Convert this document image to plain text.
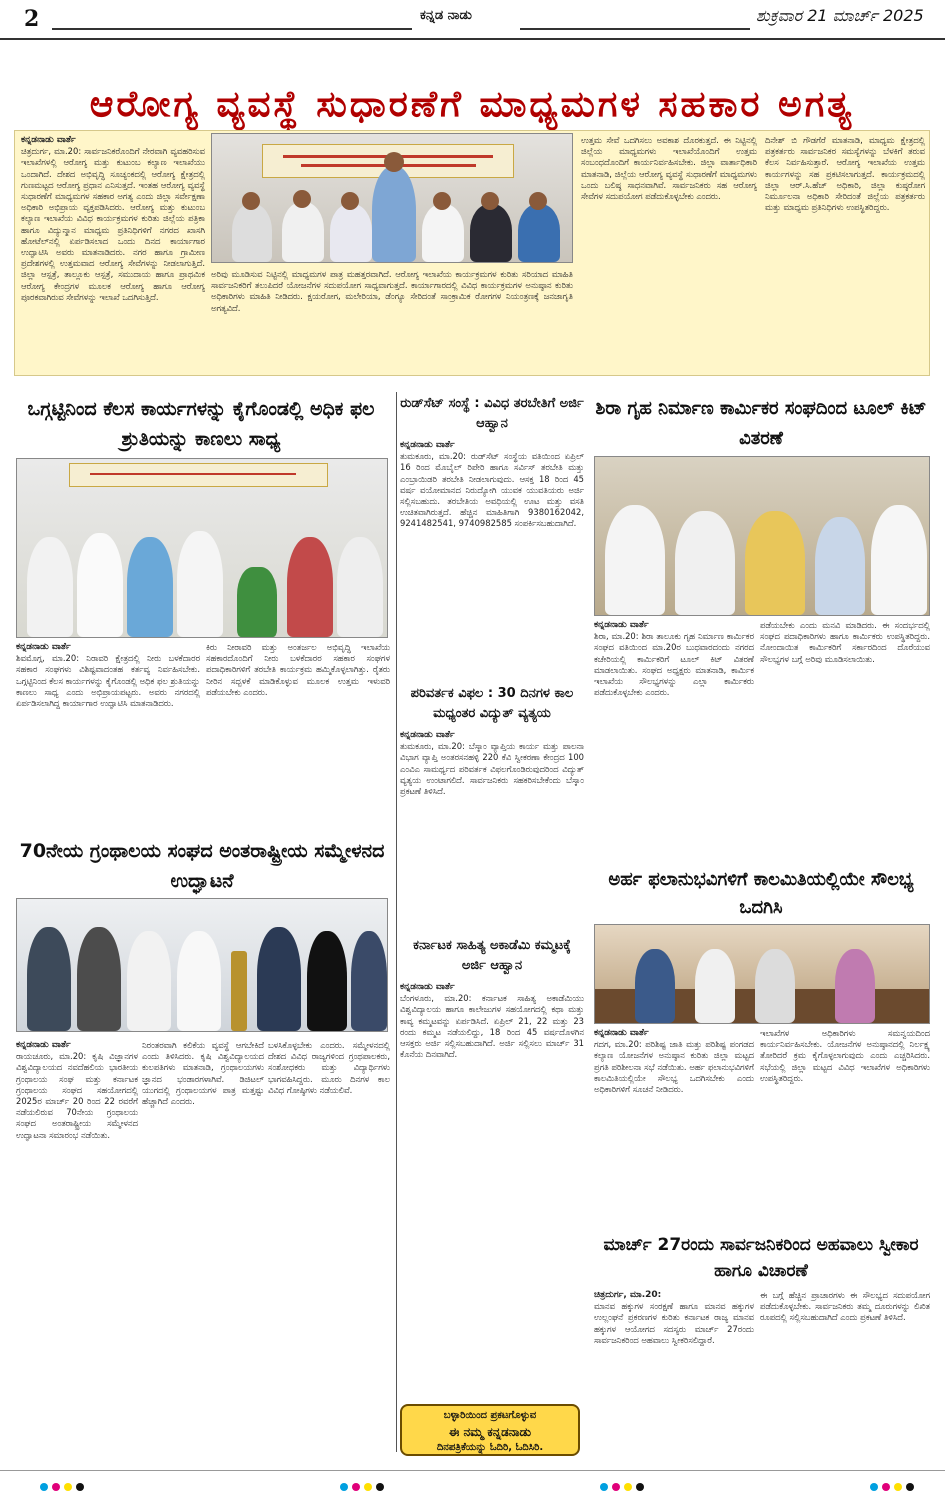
2	ಕನ್ನಡ ನಾಡು	ಶುಕ್ರವಾರ 21 ಮಾರ್ಚ್ 2025
ಆರೋಗ್ಯ ವ್ಯವಸ್ಥೆ ಸುಧಾರಣೆಗೆ ಮಾಧ್ಯಮಗಳ ಸಹಕಾರ ಅಗತ್ಯ
ಕನ್ನಡನಾಡು ವಾರ್ತೆ
ಚಿತ್ರದುರ್ಗ, ಮಾ.20: ಸಾರ್ವಜನಿಕರೊಂದಿಗೆ ನೇರವಾಗಿ ವ್ಯವಹರಿಸುವ ಇಲಾಖೆಗಳಲ್ಲಿ ಆರೋಗ್ಯ ಮತ್ತು ಕುಟುಂಬ ಕಲ್ಯಾಣ ಇಲಾಖೆಯು ಒಂದಾಗಿದೆ. ದೇಶದ ಅಭಿವೃದ್ಧಿ ಸೂಚ್ಯಂಕದಲ್ಲಿ ಆರೋಗ್ಯ ಕ್ಷೇತ್ರದಲ್ಲಿ ಗುಣಮಟ್ಟದ ಆರೋಗ್ಯ ಪ್ರಧಾನ ಎನಿಸುತ್ತದೆ. ಇಂತಹ ಆರೋಗ್ಯ ವ್ಯವಸ್ಥೆ ಸುಧಾರಣೆಗೆ ಮಾಧ್ಯಮಗಳ ಸಹಕಾರ ಅಗತ್ಯ ಎಂದು ಜಿಲ್ಲಾ ಸರ್ವೇಕ್ಷಣಾ ಅಧಿಕಾರಿ ಅಭಿಪ್ರಾಯ ವ್ಯಕ್ತಪಡಿಸಿದರು. ಆರೋಗ್ಯ ಮತ್ತು ಕುಟುಂಬ ಕಲ್ಯಾಣ ಇಲಾಖೆಯ ವಿವಿಧ ಕಾರ್ಯಕ್ರಮಗಳ ಕುರಿತು ಜಿಲ್ಲೆಯ ಪತ್ರಿಕಾ ಹಾಗೂ ವಿದ್ಯುನ್ಮಾನ ಮಾಧ್ಯಮ ಪ್ರತಿನಿಧಿಗಳಿಗೆ ನಗರದ ಖಾಸಗಿ ಹೋಟೆಲ್‌ನಲ್ಲಿ ಏರ್ಪಡಿಸಲಾದ ಒಂದು ದಿನದ ಕಾರ್ಯಾಗಾರ ಉದ್ಘಾಟಿಸಿ ಅವರು ಮಾತನಾಡಿದರು. ನಗರ ಹಾಗೂ ಗ್ರಾಮೀಣ ಪ್ರದೇಶಗಳಲ್ಲಿ ಉತ್ತಮವಾದ ಆರೋಗ್ಯ ಸೇವೆಗಳನ್ನು ನೀಡಲಾಗುತ್ತಿದೆ. ಜಿಲ್ಲಾ ಆಸ್ಪತ್ರೆ, ತಾಲ್ಲೂಕು ಆಸ್ಪತ್ರೆ, ಸಮುದಾಯ ಹಾಗೂ ಪ್ರಾಥಮಿಕ ಆರೋಗ್ಯ ಕೇಂದ್ರಗಳ ಮೂಲಕ ಆರೋಗ್ಯ ಹಾಗೂ ಆರೋಗ್ಯ ಪೂರಕವಾಗಿರುವ ಸೇವೆಗಳನ್ನು ಇಲಾಖೆ ಒದಗಿಸುತ್ತಿದೆ.
ಅರಿವು ಮೂಡಿಸುವ ನಿಟ್ಟಿನಲ್ಲಿ ಮಾಧ್ಯಮಗಳ ಪಾತ್ರ ಮಹತ್ತರವಾಗಿದೆ. ಆರೋಗ್ಯ ಇಲಾಖೆಯ ಕಾರ್ಯಕ್ರಮಗಳ ಕುರಿತು ಸರಿಯಾದ ಮಾಹಿತಿ ಸಾರ್ವಜನಿಕರಿಗೆ ತಲುಪಿದರೆ ಯೋಜನೆಗಳ ಸದುಪಯೋಗ ಸಾಧ್ಯವಾಗುತ್ತದೆ. ಕಾರ್ಯಾಗಾರದಲ್ಲಿ ವಿವಿಧ ಕಾರ್ಯಕ್ರಮಗಳ ಅನುಷ್ಠಾನ ಕುರಿತು ಅಧಿಕಾರಿಗಳು ಮಾಹಿತಿ ನೀಡಿದರು. ಕ್ಷಯರೋಗ, ಮಲೇರಿಯಾ, ಡೆಂಗ್ಯೂ ಸೇರಿದಂತೆ ಸಾಂಕ್ರಾಮಿಕ ರೋಗಗಳ ನಿಯಂತ್ರಣಕ್ಕೆ ಜನಜಾಗೃತಿ ಅಗತ್ಯವಿದೆ.
ಉತ್ತಮ ಸೇವೆ ಒದಗಿಸಲು ಅವಕಾಶ ದೊರಕುತ್ತದೆ. ಈ ನಿಟ್ಟಿನಲ್ಲಿ ಜಿಲ್ಲೆಯ ಮಾಧ್ಯಮಗಳು ಇಲಾಖೆಯೊಂದಿಗೆ ಉತ್ತಮ ಸಂಬಂಧದೊಂದಿಗೆ ಕಾರ್ಯನಿರ್ವಹಿಸಬೇಕು. ಜಿಲ್ಲಾ ವಾರ್ತಾಧಿಕಾರಿ ಮಾತನಾಡಿ, ಜಿಲ್ಲೆಯ ಆರೋಗ್ಯ ವ್ಯವಸ್ಥೆ ಸುಧಾರಣೆಗೆ ಮಾಧ್ಯಮಗಳು ಒಂದು ಬಲಿಷ್ಠ ಸಾಧನವಾಗಿವೆ. ಸಾರ್ವಜನಿಕರು ಸಹ ಆರೋಗ್ಯ ಸೇವೆಗಳ ಸದುಪಯೋಗ ಪಡೆದುಕೊಳ್ಳಬೇಕು ಎಂದರು.
ದಿನೇಶ್ ಬಿ ಗೌಡಗೆರೆ ಮಾತನಾಡಿ, ಮಾಧ್ಯಮ ಕ್ಷೇತ್ರದಲ್ಲಿ ಪತ್ರಕರ್ತರು ಸಾರ್ವಜನಿಕರ ಸಮಸ್ಯೆಗಳನ್ನು ಬೆಳಕಿಗೆ ತರುವ ಕೆಲಸ ನಿರ್ವಹಿಸುತ್ತಾರೆ. ಆರೋಗ್ಯ ಇಲಾಖೆಯ ಉತ್ತಮ ಕಾರ್ಯಗಳನ್ನು ಸಹ ಪ್ರಕಟಿಸಲಾಗುತ್ತದೆ. ಕಾರ್ಯಕ್ರಮದಲ್ಲಿ ಜಿಲ್ಲಾ ಆರ್.ಸಿ.ಹೆಚ್ ಅಧಿಕಾರಿ, ಜಿಲ್ಲಾ ಕುಷ್ಠರೋಗ ನಿರ್ಮೂಲನಾ ಅಧಿಕಾರಿ ಸೇರಿದಂತೆ ಜಿಲ್ಲೆಯ ಪತ್ರಕರ್ತರು ಮತ್ತು ಮಾಧ್ಯಮ ಪ್ರತಿನಿಧಿಗಳು ಉಪಸ್ಥಿತರಿದ್ದರು.
ಒಗ್ಗಟ್ಟಿನಿಂದ ಕೆಲಸ ಕಾರ್ಯಗಳನ್ನು ಕೈಗೊಂಡಲ್ಲಿ ಅಧಿಕ ಫಲ ಶ್ರುತಿಯನ್ನು ಕಾಣಲು ಸಾಧ್ಯ
ಕನ್ನಡನಾಡು ವಾರ್ತೆ
ಶಿವಮೊಗ್ಗ, ಮಾ.20: ನಿರಾವರಿ ಕ್ಷೇತ್ರದಲ್ಲಿ ನೀರು ಬಳಕೆದಾರರ ಸಹಕಾರ ಸಂಘಗಳು ವಿಶಿಷ್ಟವಾದಂತಹ ಕರ್ತವ್ಯ ನಿರ್ವಹಿಸಬೇಕು. ಒಗ್ಗಟ್ಟಿನಿಂದ ಕೆಲಸ ಕಾರ್ಯಗಳನ್ನು ಕೈಗೊಂಡಲ್ಲಿ ಅಧಿಕ ಫಲ ಶ್ರುತಿಯನ್ನು ಕಾಣಲು ಸಾಧ್ಯ ಎಂದು ಅಭಿಪ್ರಾಯಪಟ್ಟರು. ಅವರು ನಗರದಲ್ಲಿ ಏರ್ಪಡಿಸಲಾಗಿದ್ದ ಕಾರ್ಯಾಗಾರ ಉದ್ಘಾಟಿಸಿ ಮಾತನಾಡಿದರು.
ಕಿರು ನೀರಾವರಿ ಮತ್ತು ಅಂತರ್ಜಲ ಅಭಿವೃದ್ಧಿ ಇಲಾಖೆಯ ಸಹಕಾರದೊಂದಿಗೆ ನೀರು ಬಳಕೆದಾರರ ಸಹಕಾರ ಸಂಘಗಳ ಪದಾಧಿಕಾರಿಗಳಿಗೆ ತರಬೇತಿ ಕಾರ್ಯಕ್ರಮ ಹಮ್ಮಿಕೊಳ್ಳಲಾಗಿತ್ತು. ರೈತರು ನೀರಿನ ಸದ್ಬಳಕೆ ಮಾಡಿಕೊಳ್ಳುವ ಮೂಲಕ ಉತ್ತಮ ಇಳುವರಿ ಪಡೆಯಬೇಕು ಎಂದರು.
ರುಡ್‌ಸೆಟ್ ಸಂಸ್ಥೆ : ವಿವಿಧ ತರಬೇತಿಗೆ ಅರ್ಜಿ ಆಹ್ವಾನ
ಕನ್ನಡನಾಡು ವಾರ್ತೆ
ತುಮಕೂರು, ಮಾ.20: ರುಡ್‌ಸೆಟ್ ಸಂಸ್ಥೆಯ ವತಿಯಿಂದ ಏಪ್ರಿಲ್ 16 ರಿಂದ ಮೊಬೈಲ್ ರಿಪೇರಿ ಹಾಗೂ ಸರ್ವಿಸ್ ತರಬೇತಿ ಮತ್ತು ಎಂಬ್ರಾಯಿಡರಿ ತರಬೇತಿ ನೀಡಲಾಗುವುದು. ಆಸಕ್ತ 18 ರಿಂದ 45 ವರ್ಷ ವಯೋಮಾನದ ನಿರುದ್ಯೋಗಿ ಯುವಕ ಯುವತಿಯರು ಅರ್ಜಿ ಸಲ್ಲಿಸಬಹುದು. ತರಬೇತಿಯ ಅವಧಿಯಲ್ಲಿ ಊಟ ಮತ್ತು ವಸತಿ ಉಚಿತವಾಗಿರುತ್ತದೆ. ಹೆಚ್ಚಿನ ಮಾಹಿತಿಗಾಗಿ 9380162042, 9241482541, 9740982585 ಸಂಪರ್ಕಿಸಬಹುದಾಗಿದೆ.
ಪರಿವರ್ತಕ ವಿಫಲ : 30 ದಿನಗಳ ಕಾಲ ಮಧ್ಯಂತರ ವಿದ್ಯುತ್ ವ್ಯತ್ಯಯ
ಕನ್ನಡನಾಡು ವಾರ್ತೆ
ತುಮಕೂರು, ಮಾ.20: ಬೆಸ್ಕಾಂ ವ್ಯಾಪ್ತಿಯ ಕಾರ್ಯ ಮತ್ತು ಪಾಲನಾ ವಿಭಾಗ ವ್ಯಾಪ್ತಿ ಅಂತರಸನಹಳ್ಳಿ 220 ಕೆವಿ ಸ್ವೀಕರಣಾ ಕೇಂದ್ರದ 100 ಎಂವಿಎ ಸಾಮರ್ಥ್ಯದ ಪರಿವರ್ತಕ ವಿಫಲಗೊಂಡಿರುವುದರಿಂದ ವಿದ್ಯುತ್ ವ್ಯತ್ಯಯ ಉಂಟಾಗಲಿದೆ. ಸಾರ್ವಜನಿಕರು ಸಹಕರಿಸಬೇಕೆಂದು ಬೆಸ್ಕಾಂ ಪ್ರಕಟಣೆ ತಿಳಿಸಿದೆ.
ಶಿರಾ ಗೃಹ ನಿರ್ಮಾಣ ಕಾರ್ಮಿಕರ ಸಂಘದಿಂದ ಟೂಲ್ ಕಿಟ್ ವಿತರಣೆ
ಕನ್ನಡನಾಡು ವಾರ್ತೆ
ಶಿರಾ, ಮಾ.20: ಶಿರಾ ತಾಲೂಕು ಗೃಹ ನಿರ್ಮಾಣ ಕಾರ್ಮಿಕರ ಸಂಘದ ವತಿಯಿಂದ ಮಾ.20ರ ಬುಧವಾರದಂದು ನಗರದ ಕಚೇರಿಯಲ್ಲಿ ಕಾರ್ಮಿಕರಿಗೆ ಟೂಲ್ ಕಿಟ್ ವಿತರಣೆ ಮಾಡಲಾಯಿತು. ಸಂಘದ ಅಧ್ಯಕ್ಷರು ಮಾತನಾಡಿ, ಕಾರ್ಮಿಕ ಇಲಾಖೆಯ ಸೌಲಭ್ಯಗಳನ್ನು ಎಲ್ಲಾ ಕಾರ್ಮಿಕರು ಪಡೆದುಕೊಳ್ಳಬೇಕು ಎಂದರು.
ಪಡೆಯಬೇಕು ಎಂದು ಮನವಿ ಮಾಡಿದರು. ಈ ಸಂದರ್ಭದಲ್ಲಿ ಸಂಘದ ಪದಾಧಿಕಾರಿಗಳು ಹಾಗೂ ಕಾರ್ಮಿಕರು ಉಪಸ್ಥಿತರಿದ್ದರು. ನೋಂದಾಯಿತ ಕಾರ್ಮಿಕರಿಗೆ ಸರ್ಕಾರದಿಂದ ದೊರೆಯುವ ಸೌಲಭ್ಯಗಳ ಬಗ್ಗೆ ಅರಿವು ಮೂಡಿಸಲಾಯಿತು.
70ನೇಯ ಗ್ರಂಥಾಲಯ ಸಂಘದ ಅಂತರಾಷ್ಟ್ರೀಯ ಸಮ್ಮೇಳನದ ಉದ್ಘಾಟನೆ
ಕನ್ನಡನಾಡು ವಾರ್ತೆ
ರಾಯಚೂರು, ಮಾ.20: ಕೃಷಿ ವಿಜ್ಞಾನಗಳ ವಿಶ್ವವಿದ್ಯಾಲಯದ ನವದೆಹಲಿಯ ಭಾರತೀಯ ಗ್ರಂಥಾಲಯ ಸಂಘ ಮತ್ತು ಕರ್ನಾಟಕ ಗ್ರಂಥಾಲಯ ಸಂಘದ ಸಹಯೋಗದಲ್ಲಿ 2025ರ ಮಾರ್ಚ್ 20 ರಿಂದ 22 ರವರೆಗೆ ನಡೆಯಲಿರುವ 70ನೇಯ ಗ್ರಂಥಾಲಯ ಸಂಘದ ಅಂತರಾಷ್ಟ್ರೀಯ ಸಮ್ಮೇಳನದ ಉದ್ಘಾಟನಾ ಸಮಾರಂಭ ನಡೆಯಿತು.
ನಿರಂತರವಾಗಿ ಕಲಿಕೆಯ ವ್ಯವಸ್ಥೆ ಆಗಬೇಕಿದೆ ಎಂದು ತಿಳಿಸಿದರು. ಕೃಷಿ ವಿಶ್ವವಿದ್ಯಾಲಯದ ಕುಲಪತಿಗಳು ಮಾತನಾಡಿ, ಗ್ರಂಥಾಲಯಗಳು ಜ್ಞಾನದ ಭಂಡಾರಗಳಾಗಿವೆ. ಡಿಜಿಟಲ್ ಯುಗದಲ್ಲಿ ಗ್ರಂಥಾಲಯಗಳ ಪಾತ್ರ ಮತ್ತಷ್ಟು ಹೆಚ್ಚಾಗಿದೆ ಎಂದರು.
ಬಳಸಿಕೊಳ್ಳಬೇಕು ಎಂದರು. ಸಮ್ಮೇಳನದಲ್ಲಿ ದೇಶದ ವಿವಿಧ ರಾಜ್ಯಗಳಿಂದ ಗ್ರಂಥಪಾಲಕರು, ಸಂಶೋಧಕರು ಮತ್ತು ವಿದ್ಯಾರ್ಥಿಗಳು ಭಾಗವಹಿಸಿದ್ದರು. ಮೂರು ದಿನಗಳ ಕಾಲ ವಿವಿಧ ಗೋಷ್ಠಿಗಳು ನಡೆಯಲಿವೆ.
ಕರ್ನಾಟಕ ಸಾಹಿತ್ಯ ಅಕಾಡೆಮಿ ಕಮ್ಮಟಕ್ಕೆ ಅರ್ಜಿ ಆಹ್ವಾನ
ಕನ್ನಡನಾಡು ವಾರ್ತೆ
ಬೆಂಗಳೂರು, ಮಾ.20: ಕರ್ನಾಟಕ ಸಾಹಿತ್ಯ ಅಕಾಡೆಮಿಯು ವಿಶ್ವವಿದ್ಯಾಲಯ ಹಾಗೂ ಕಾಲೇಜುಗಳ ಸಹಯೋಗದಲ್ಲಿ ಕಥಾ ಮತ್ತು ಕಾವ್ಯ ಕಮ್ಮಟವನ್ನು ಏರ್ಪಡಿಸಿದೆ. ಏಪ್ರಿಲ್ 21, 22 ಮತ್ತು 23 ರಂದು ಕಮ್ಮಟ ನಡೆಯಲಿದ್ದು, 18 ರಿಂದ 45 ವರ್ಷದೊಳಗಿನ ಆಸಕ್ತರು ಅರ್ಜಿ ಸಲ್ಲಿಸಬಹುದಾಗಿದೆ. ಅರ್ಜಿ ಸಲ್ಲಿಸಲು ಮಾರ್ಚ್ 31 ಕೊನೆಯ ದಿನವಾಗಿದೆ.
ಅರ್ಹ ಫಲಾನುಭವಿಗಳಿಗೆ ಕಾಲಮಿತಿಯಲ್ಲಿಯೇ ಸೌಲಭ್ಯ ಒದಗಿಸಿ
ಕನ್ನಡನಾಡು ವಾರ್ತೆ
ಗದಗ, ಮಾ.20: ಪರಿಶಿಷ್ಟ ಜಾತಿ ಮತ್ತು ಪರಿಶಿಷ್ಟ ಪಂಗಡದ ಕಲ್ಯಾಣ ಯೋಜನೆಗಳ ಅನುಷ್ಠಾನ ಕುರಿತು ಜಿಲ್ಲಾ ಮಟ್ಟದ ಪ್ರಗತಿ ಪರಿಶೀಲನಾ ಸಭೆ ನಡೆಯಿತು. ಅರ್ಹ ಫಲಾನುಭವಿಗಳಿಗೆ ಕಾಲಮಿತಿಯಲ್ಲಿಯೇ ಸೌಲಭ್ಯ ಒದಗಿಸಬೇಕು ಎಂದು ಅಧಿಕಾರಿಗಳಿಗೆ ಸೂಚನೆ ನೀಡಿದರು.
ಇಲಾಖೆಗಳ ಅಧಿಕಾರಿಗಳು ಸಮನ್ವಯದಿಂದ ಕಾರ್ಯನಿರ್ವಹಿಸಬೇಕು. ಯೋಜನೆಗಳ ಅನುಷ್ಠಾನದಲ್ಲಿ ನಿರ್ಲಕ್ಷ್ಯ ತೋರಿದರೆ ಕ್ರಮ ಕೈಗೊಳ್ಳಲಾಗುವುದು ಎಂದು ಎಚ್ಚರಿಸಿದರು. ಸಭೆಯಲ್ಲಿ ಜಿಲ್ಲಾ ಮಟ್ಟದ ವಿವಿಧ ಇಲಾಖೆಗಳ ಅಧಿಕಾರಿಗಳು ಉಪಸ್ಥಿತರಿದ್ದರು.
ಮಾರ್ಚ್ 27ರಂದು ಸಾರ್ವಜನಿಕರಿಂದ ಅಹವಾಲು ಸ್ವೀಕಾರ ಹಾಗೂ ವಿಚಾರಣೆ
ಚಿತ್ರದುರ್ಗ, ಮಾ.20:
ಮಾನವ ಹಕ್ಕುಗಳ ಸಂರಕ್ಷಣೆ ಹಾಗೂ ಮಾನವ ಹಕ್ಕುಗಳ ಉಲ್ಲಂಘನೆ ಪ್ರಕರಣಗಳ ಕುರಿತು ಕರ್ನಾಟಕ ರಾಜ್ಯ ಮಾನವ ಹಕ್ಕುಗಳ ಆಯೋಗದ ಸದಸ್ಯರು ಮಾರ್ಚ್ 27ರಂದು ಸಾರ್ವಜನಿಕರಿಂದ ಅಹವಾಲು ಸ್ವೀಕರಿಸಲಿದ್ದಾರೆ.
ಈ ಬಗ್ಗೆ ಹೆಚ್ಚಿನ ಪ್ರಾಚಾರಗಳು ಈ ಸೌಲಭ್ಯದ ಸದುಪಯೋಗ ಪಡೆದುಕೊಳ್ಳಬೇಕು. ಸಾರ್ವಜನಿಕರು ತಮ್ಮ ದೂರುಗಳನ್ನು ಲಿಖಿತ ರೂಪದಲ್ಲಿ ಸಲ್ಲಿಸಬಹುದಾಗಿದೆ ಎಂದು ಪ್ರಕಟಣೆ ತಿಳಿಸಿದೆ.
ಬಳ್ಳಾರಿಯಿಂದ ಪ್ರಕಟಗೊಳ್ಳುವ
ಈ ನಮ್ಮ ಕನ್ನಡನಾಡು
ದಿನಪತ್ರಿಕೆಯನ್ನು ಓದಿರಿ, ಓದಿಸಿರಿ.
